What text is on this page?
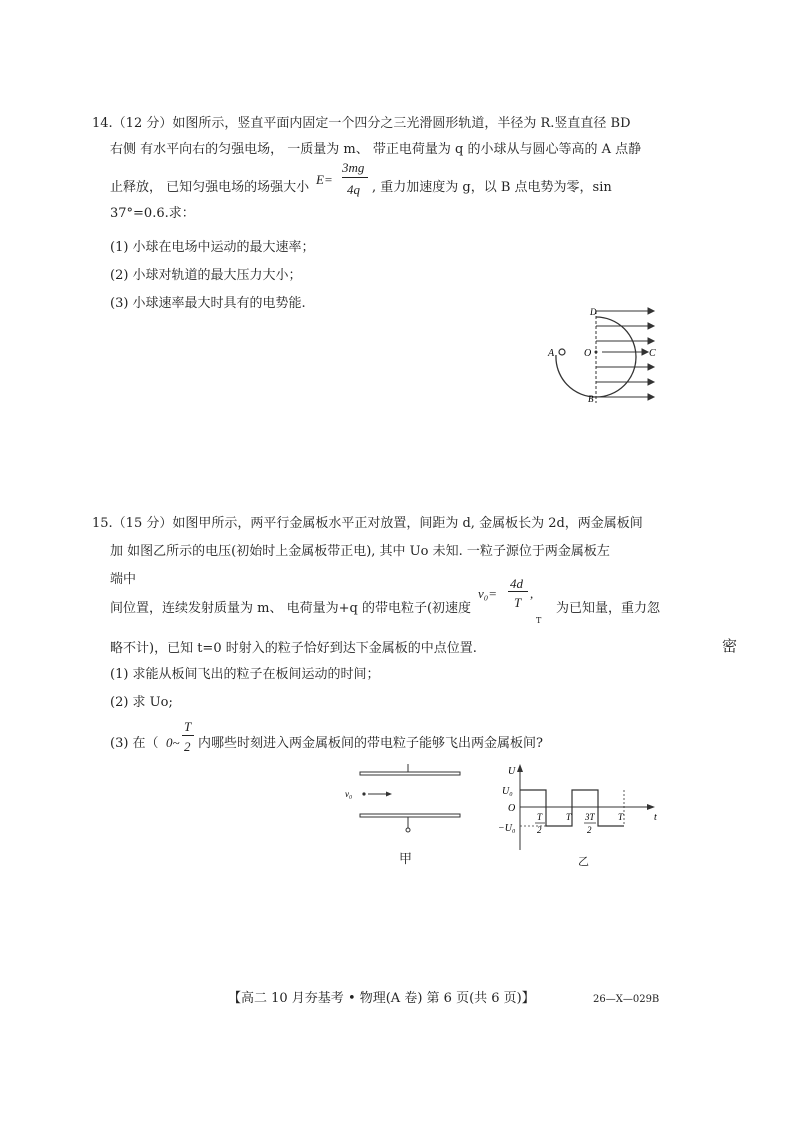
14.（12 分）如图所示，竖直平面内固定一个四分之三光滑圆形轨道，半径为 R.竖直直径 BD
右侧 有水平向右的匀强电场， 一质量为 m、 带正电荷量为 q 的小球从与圆心等高的 A 点静
止释放， 已知匀强电场的场强大小
E=
3mg
4q , 重力加速度为 g，以 B 点电势为零，sin
37°=0.6.求：
(1) 小球在电场中运动的最大速率；
(2) 小球对轨道的最大压力大小；
(3) 小球速率最大时具有的电势能.
D
O
A	C
B
15.（15 分）如图甲所示，两平行金属板水平正对放置，间距为 d, 金属板长为 2d，两金属板间
加 如图乙所示的电压(初始时上金属板带正电), 其中 Uo 未知. 一粒子源位于两金属板左
端中
间位置，连续发射质量为 m、 电荷量为+q 的带电粒子(初速度
v₀=
4d
T
,
T
为已知量，重力忽
略不计)，已知 t=0 时射入的粒子恰好到达下金属板的中点位置.	密
(1) 求能从板间飞出的粒子在板间运动的时间；
(2) 求 Uo;
(3) 在（ 0~
T
2 内哪些时刻进入两金属板间的带电粒子能够飞出两金属板间?
v₀
甲
U
U₀
O
−U₀
t
T
2
T 3T
2
T
乙
【高二 10 月夯基考 • 物理(A 卷) 第 6 页(共 6 页)】	26—X—029B
